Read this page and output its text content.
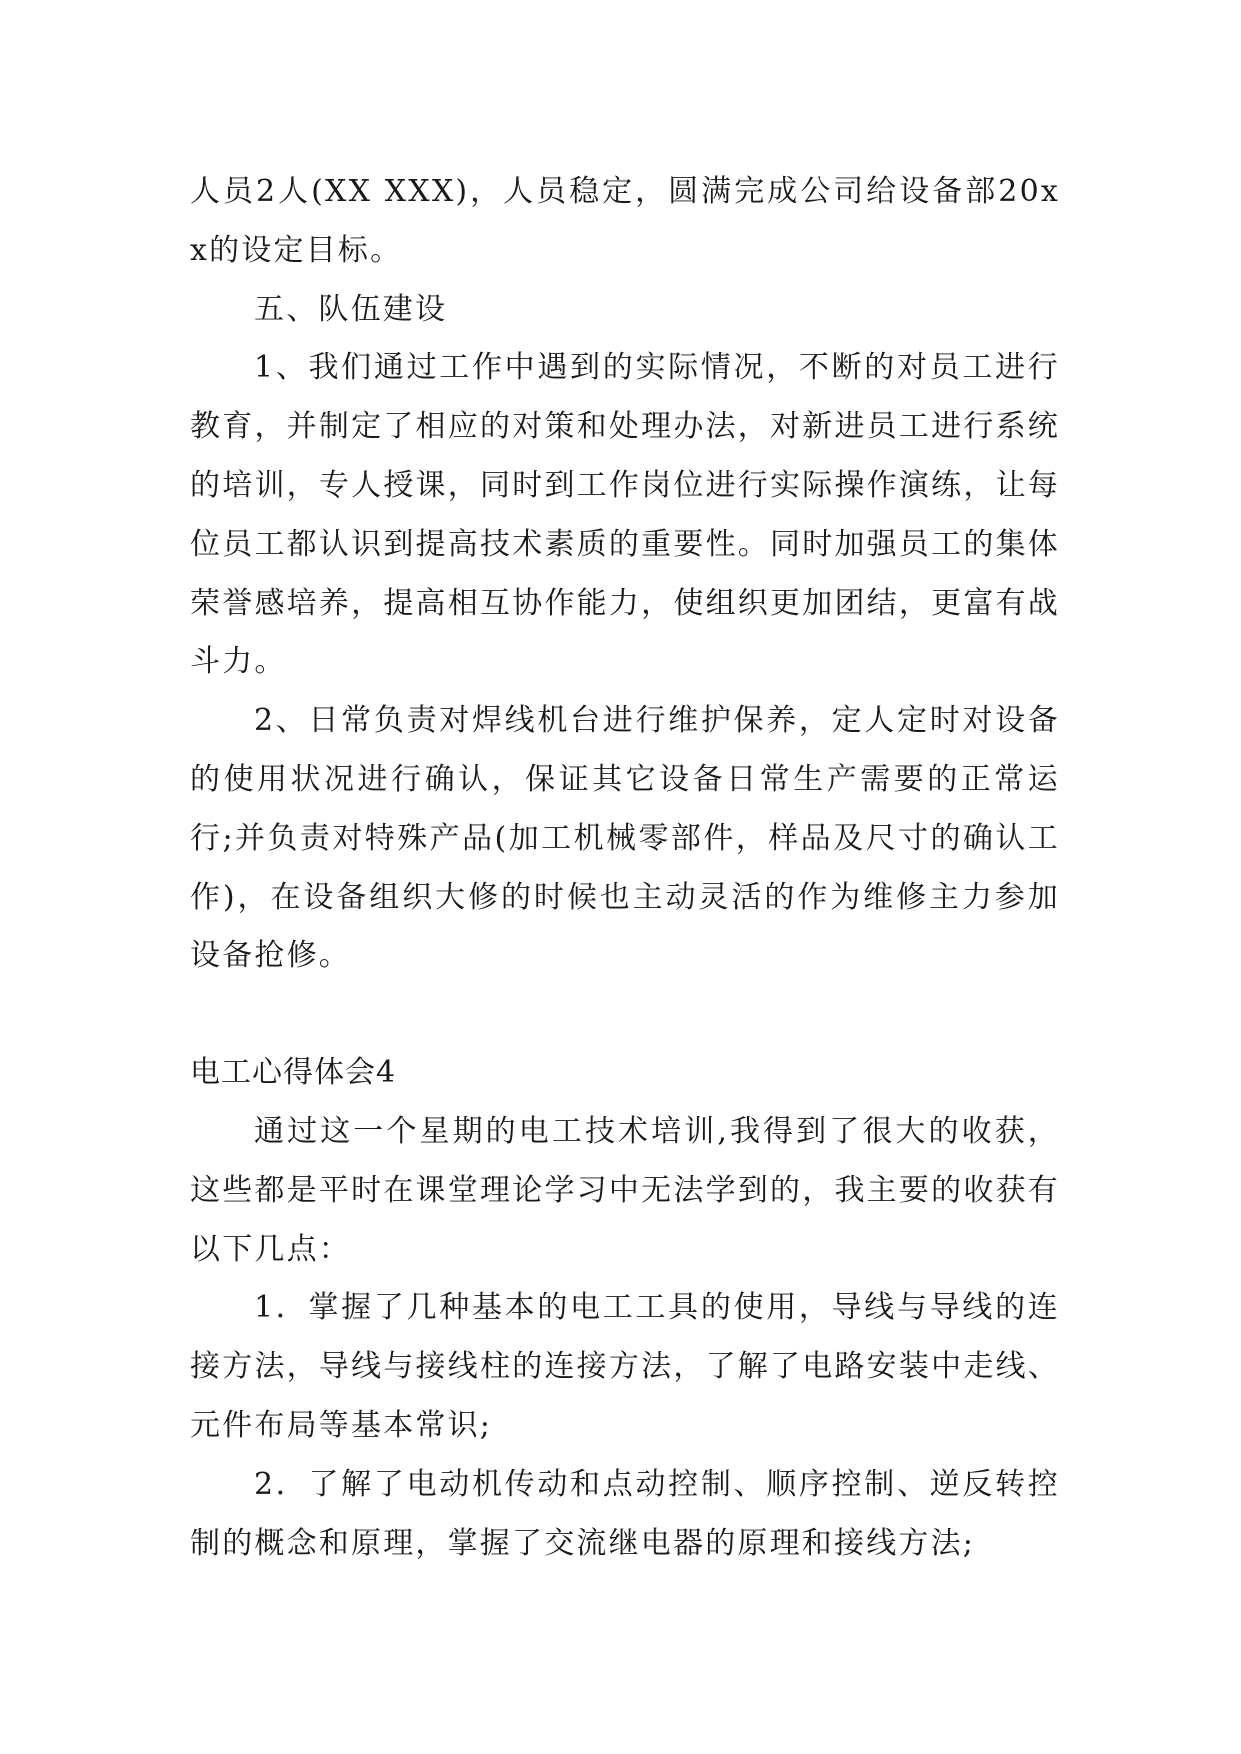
人员2人(XX XXX)，人员稳定，圆满完成公司给设备部20xx的设定目标。

五、队伍建设

1、我们通过工作中遇到的实际情况，不断的对员工进行教育，并制定了相应的对策和处理办法，对新进员工进行系统的培训，专人授课，同时到工作岗位进行实际操作演练，让每位员工都认识到提高技术素质的重要性。同时加强员工的集体荣誉感培养，提高相互协作能力，使组织更加团结，更富有战斗力。

2、日常负责对焊线机台进行维护保养，定人定时对设备的使用状况进行确认，保证其它设备日常生产需要的正常运行;并负责对特殊产品(加工机械零部件，样品及尺寸的确认工作)，在设备组织大修的时候也主动灵活的作为维修主力参加设备抢修。

电工心得体会4

通过这一个星期的电工技术培训,我得到了很大的收获，这些都是平时在课堂理论学习中无法学到的，我主要的收获有以下几点：

1．掌握了几种基本的电工工具的使用，导线与导线的连接方法，导线与接线柱的连接方法，了解了电路安装中走线、元件布局等基本常识;

2．了解了电动机传动和点动控制、顺序控制、逆反转控制的概念和原理，掌握了交流继电器的原理和接线方法;
